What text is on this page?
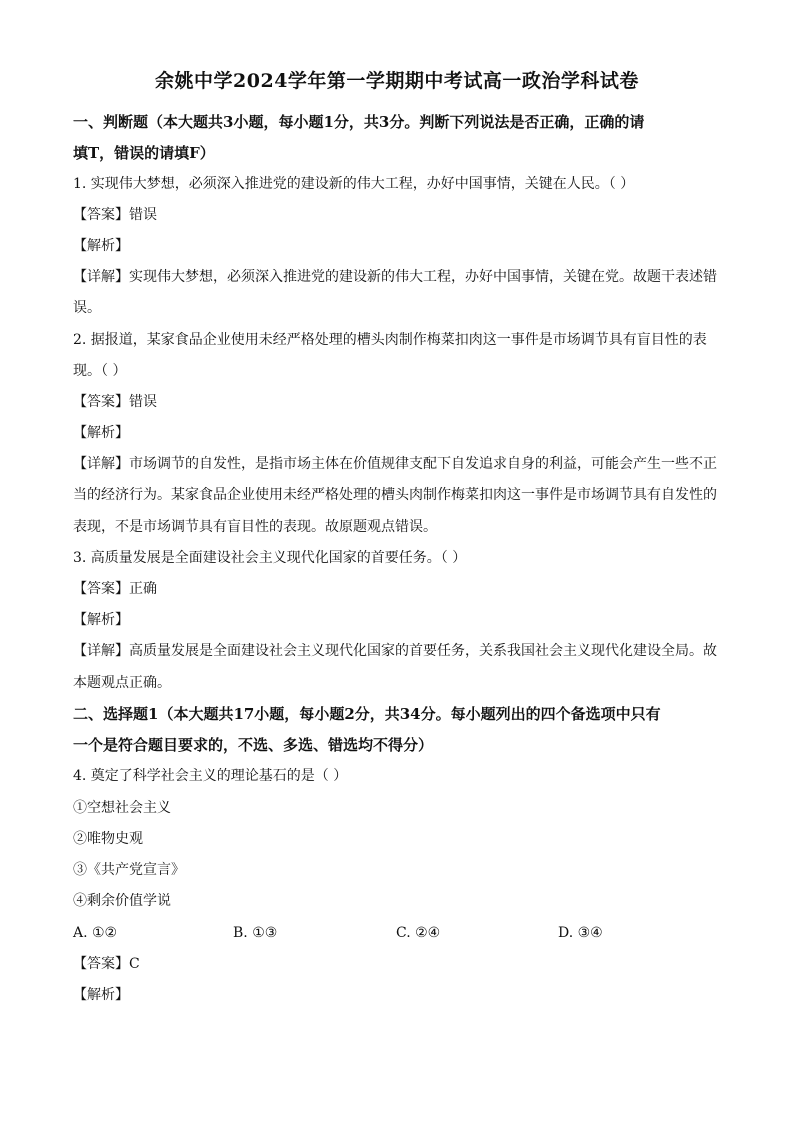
余姚中学2024学年第一学期期中考试高一政治学科试卷
一、判断题（本大题共3小题，每小题1分，共3分。判断下列说法是否正确，正确的请
填T，错误的请填F）
1. 实现伟大梦想，必须深入推进党的建设新的伟大工程，办好中国事情，关键在人民。（ ）
【答案】错误
【解析】
【详解】实现伟大梦想，必须深入推进党的建设新的伟大工程，办好中国事情，关键在党。故题干表述错
误。
2. 据报道，某家食品企业使用未经严格处理的槽头肉制作梅菜扣肉这一事件是市场调节具有盲目性的表
现。（ ）
【答案】错误
【解析】
【详解】市场调节的自发性，是指市场主体在价值规律支配下自发追求自身的利益，可能会产生一些不正
当的经济行为。某家食品企业使用未经严格处理的槽头肉制作梅菜扣肉这一事件是市场调节具有自发性的
表现，不是市场调节具有盲目性的表现。故原题观点错误。
3. 高质量发展是全面建设社会主义现代化国家的首要任务。（ ）
【答案】正确
【解析】
【详解】高质量发展是全面建设社会主义现代化国家的首要任务，关系我国社会主义现代化建设全局。故
本题观点正确。
二、选择题1（本大题共17小题，每小题2分，共34分。每小题列出的四个备选项中只有
一个是符合题目要求的，不选、多选、错选均不得分）
4. 奠定了科学社会主义的理论基石的是（ ）
①空想社会主义
②唯物史观
③《共产党宣言》
④剩余价值学说
A. ①②	B. ①③	C. ②④	D. ③④
【答案】C
【解析】
